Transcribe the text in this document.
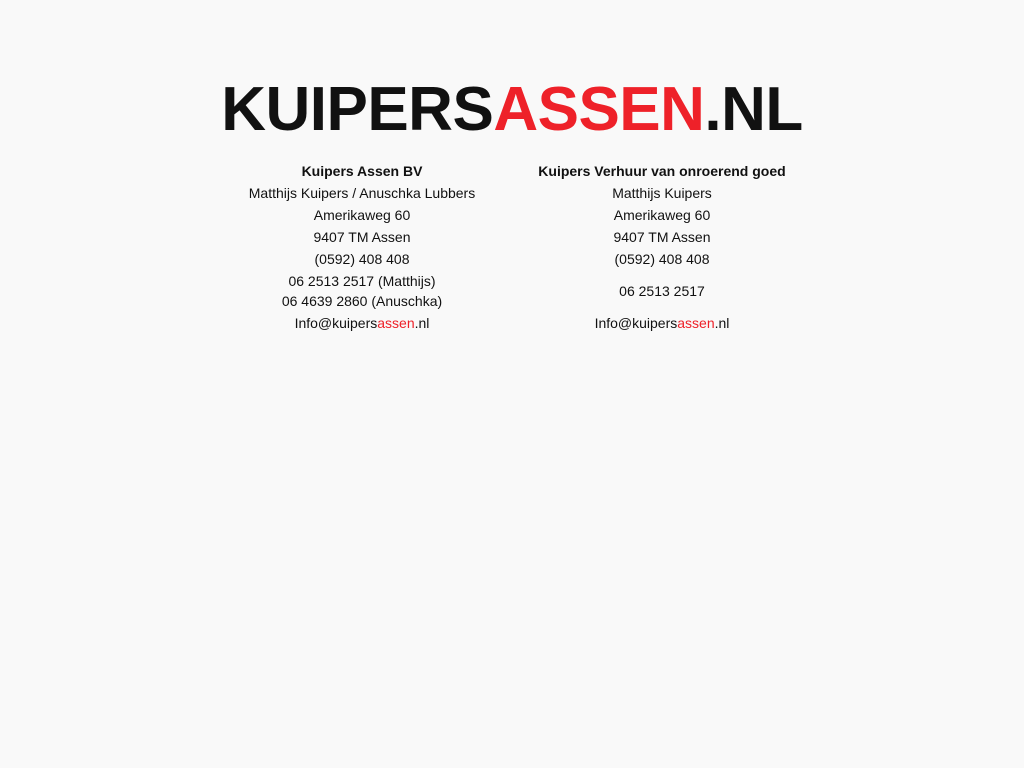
KUIPERSASSEN.NL
Kuipers Assen BV
Matthijs Kuipers / Anuschka Lubbers
Amerikaweg 60
9407 TM Assen
(0592) 408 408
06 2513 2517 (Matthijs)
06 4639 2860 (Anuschka)
Info@kuipersassen.nl
Kuipers Verhuur van onroerend goed
Matthijs Kuipers
Amerikaweg 60
9407 TM Assen
(0592) 408 408
06 2513 2517
Info@kuipersassen.nl
